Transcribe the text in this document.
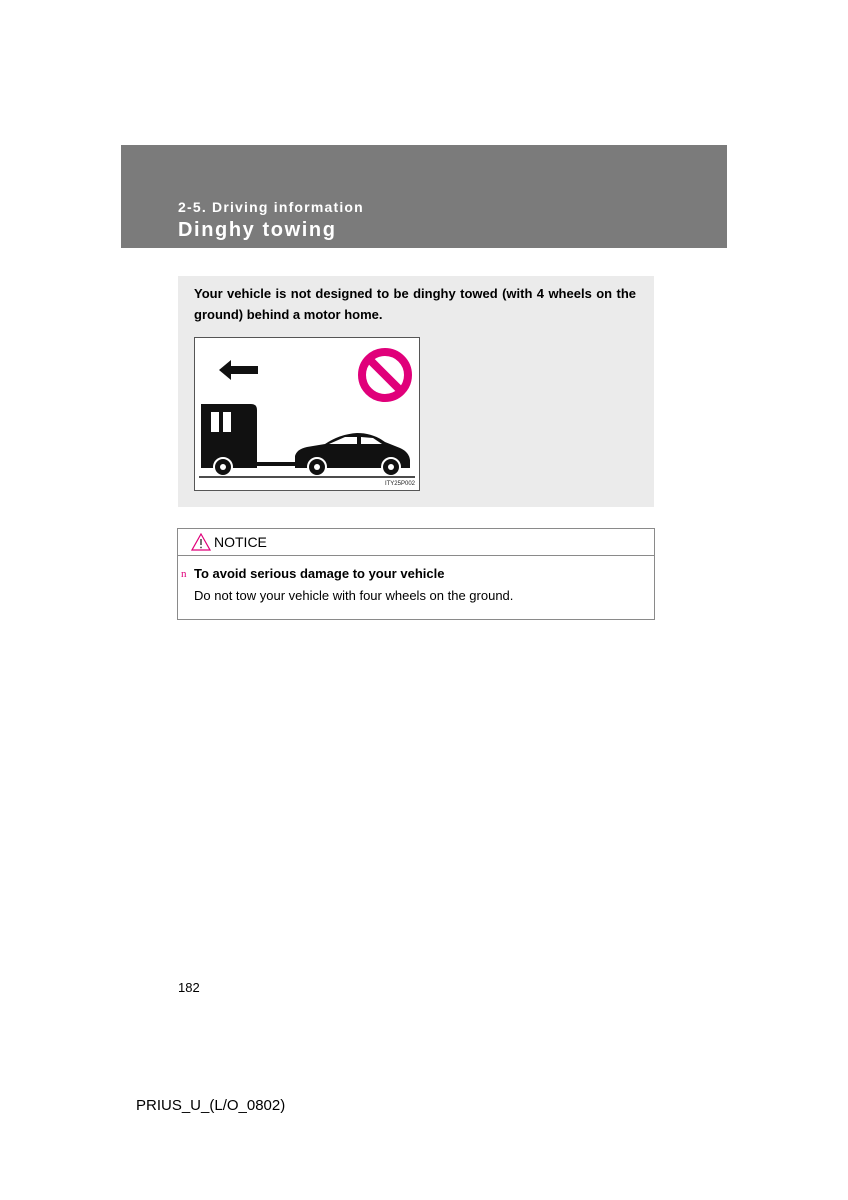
2-5. Driving information
Dinghy towing
Your vehicle is not designed to be dinghy towed (with 4 wheels on the ground) behind a motor home.
ITY25P002
NOTICE
n To avoid serious damage to your vehicle
Do not tow your vehicle with four wheels on the ground.
182
PRIUS_U_(L/O_0802)
